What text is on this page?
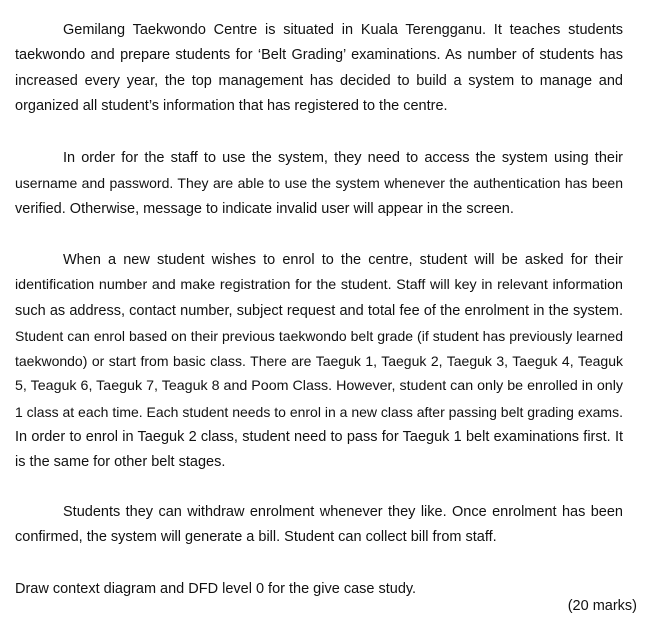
Gemilang Taekwondo Centre is situated in Kuala Terengganu. It teaches students
taekwondo and prepare students for ‘Belt Grading’ examinations. As number of students has
increased every year, the top management has decided to build a system to manage and
organized all student’s information that has registered to the centre.

In order for the staff to use the system, they need to access the system using their
username and password. They are able to use the system whenever the authentication has been
verified. Otherwise, message to indicate invalid user will appear in the screen.

When a new student wishes to enrol to the centre, student will be asked for their
identification number and make registration for the student. Staff will key in relevant information
such as address, contact number, subject request and total fee of the enrolment in the system.
Student can enrol based on their previous taekwondo belt grade (if student has previously learned
taekwondo) or start from basic class. There are Taeguk 1, Taeguk 2, Taeguk 3, Taeguk 4, Teaguk
5, Teaguk 6, Taeguk 7, Teaguk 8 and Poom Class. However, student can only be enrolled in only
1 class at each time. Each student needs to enrol in a new class after passing belt grading exams.
In order to enrol in Taeguk 2 class, student need to pass for Taeguk 1 belt examinations first. It
is the same for other belt stages.

Students they can withdraw enrolment whenever they like. Once enrolment has been
confirmed, the system will generate a bill. Student can collect bill from staff.

Draw context diagram and DFD level 0 for the give case study.

(20 marks)
